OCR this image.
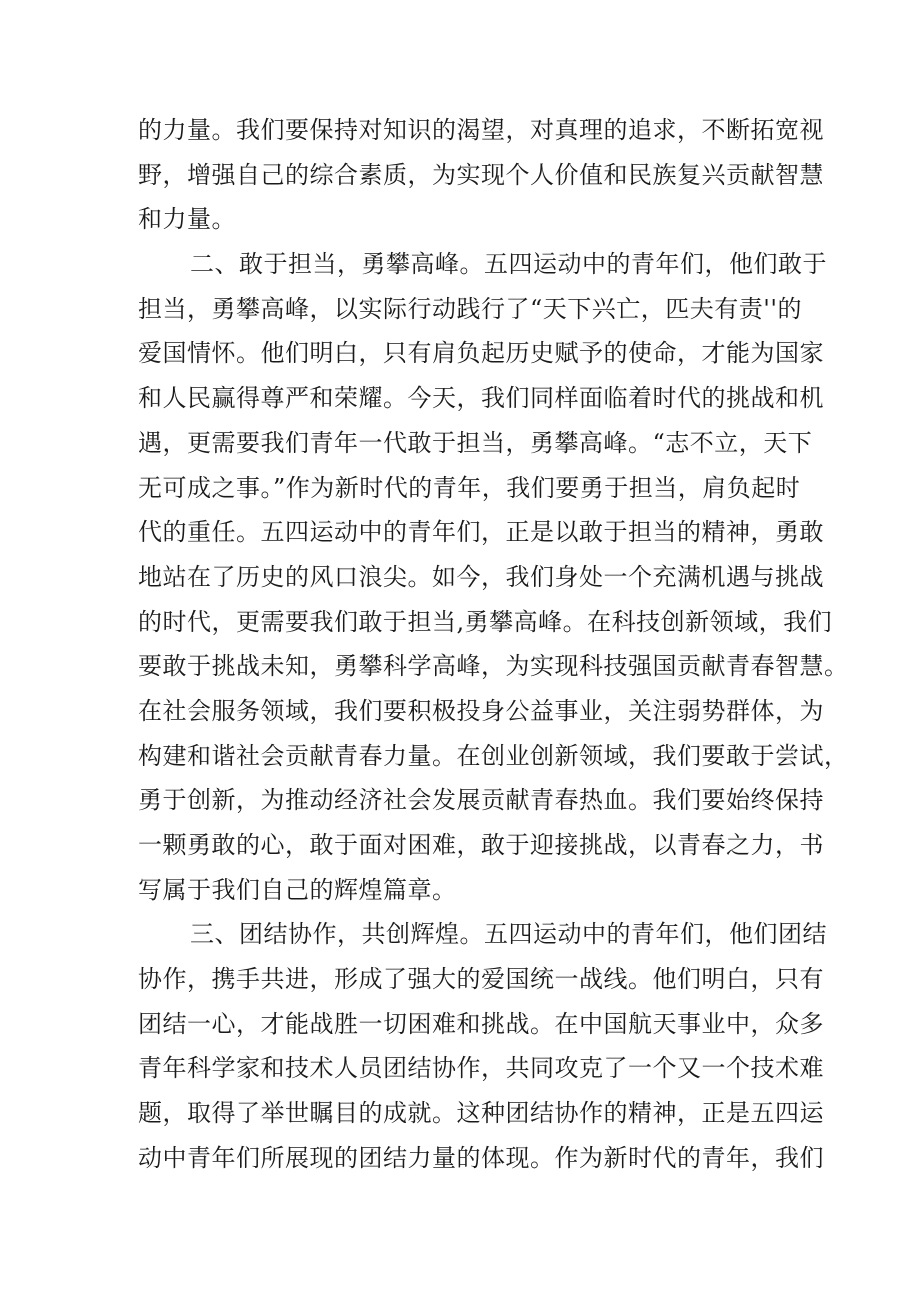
的力量。我们要保持对知识的渴望，对真理的追求，不断拓宽视
野，增强自己的综合素质，为实现个人价值和民族复兴贡献智慧
和力量。
二、敢于担当，勇攀高峰。五四运动中的青年们，他们敢于
担当，勇攀高峰，以实际行动践行了“天下兴亡，匹夫有责''的
爱国情怀。他们明白，只有肩负起历史赋予的使命，才能为国家
和人民赢得尊严和荣耀。今天，我们同样面临着时代的挑战和机
遇，更需要我们青年一代敢于担当，勇攀高峰。“志不立，天下
无可成之事。”作为新时代的青年，我们要勇于担当，肩负起时
代的重任。五四运动中的青年们，正是以敢于担当的精神，勇敢
地站在了历史的风口浪尖。如今，我们身处一个充满机遇与挑战
的时代，更需要我们敢于担当,勇攀高峰。在科技创新领域，我们
要敢于挑战未知，勇攀科学高峰，为实现科技强国贡献青春智慧。
在社会服务领域，我们要积极投身公益事业，关注弱势群体，为
构建和谐社会贡献青春力量。在创业创新领域，我们要敢于尝试，
勇于创新，为推动经济社会发展贡献青春热血。我们要始终保持
一颗勇敢的心，敢于面对困难，敢于迎接挑战，以青春之力，书
写属于我们自己的辉煌篇章。
三、团结协作，共创辉煌。五四运动中的青年们，他们团结
协作，携手共进，形成了强大的爱国统一战线。他们明白，只有
团结一心，才能战胜一切困难和挑战。在中国航天事业中，众多
青年科学家和技术人员团结协作，共同攻克了一个又一个技术难
题，取得了举世瞩目的成就。这种团结协作的精神，正是五四运
动中青年们所展现的团结力量的体现。作为新时代的青年，我们
